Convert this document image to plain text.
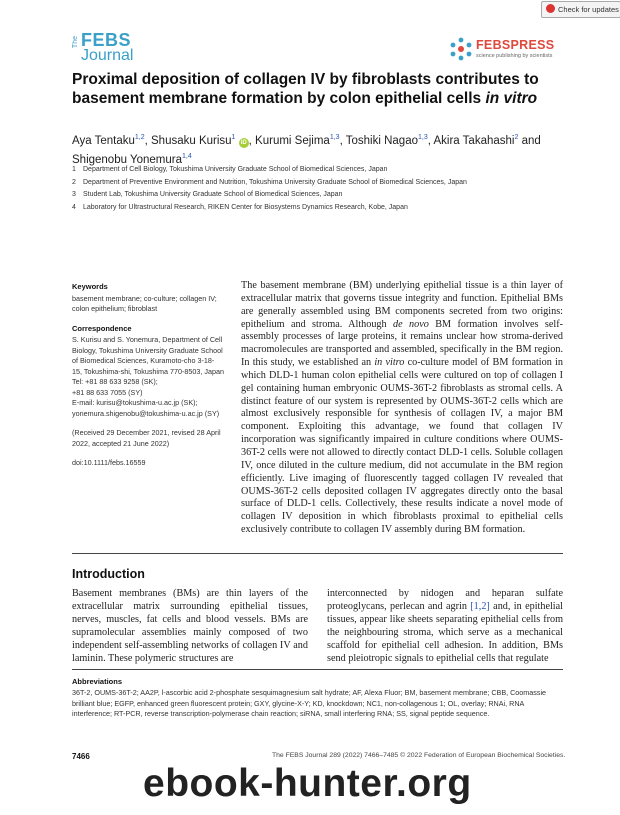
Check for updates
The FEBS
Journal
FEBSPRESS
science publishing by scientists
Proximal deposition of collagen IV by fibroblasts contributes to basement membrane formation by colon epithelial cells in vitro
Aya Tentaku$^{1,2}$, Shusaku Kurisu$^1$ iD , Kurumi Sejima$^{1,3}$, Toshiki Nagao$^{1,3}$, Akira Takahashi$^2$ and Shigenobu Yonemura$^{1,4}$
1 Department of Cell Biology, Tokushima University Graduate School of Biomedical Sciences, Japan
2 Department of Preventive Environment and Nutrition, Tokushima University Graduate School of Biomedical Sciences, Japan
3 Student Lab, Tokushima University Graduate School of Biomedical Sciences, Japan
4 Laboratory for Ultrastructural Research, RIKEN Center for Biosystems Dynamics Research, Kobe, Japan
Keywords

basement membrane; co-culture; collagen IV; colon epithelium; fibroblast

Correspondence

S. Kurisu and S. Yonemura, Department of Cell Biology, Tokushima University Graduate School of Biomedical Sciences, Kuramoto-cho 3-18-15, Tokushima-shi, Tokushima 770-8503, Japan
Tel: +81 88 633 9258 (SK);
+81 88 633 7055 (SY)
E-mail: kurisu@tokushima-u.ac.jp (SK); yonemura.shigenobu@tokushima-u.ac.jp (SY)

(Received 29 December 2021, revised 28 April 2022, accepted 21 June 2022)

doi:10.1111/febs.16559

The basement membrane (BM) underlying epithelial tissue is a thin layer of extracellular matrix that governs tissue integrity and function. Epithelial BMs are generally assembled using BM components secreted from two origins: epithelium and stroma. Although de novo BM formation involves self-assembly processes of large proteins, it remains unclear how stroma-derived macromolecules are transported and assembled, specifically in the BM region. In this study, we established an in vitro co-culture model of BM formation in which DLD-1 human colon epithelial cells were cultured on top of collagen I gel containing human embryonic OUMS-36T-2 fibroblasts as stromal cells. A distinct feature of our system is represented by OUMS-36T-2 cells which are almost exclusively responsible for synthesis of collagen IV, a major BM component. Exploiting this advantage, we found that collagen IV incorporation was significantly impaired in culture conditions where OUMS-36T-2 cells were not allowed to directly contact DLD-1 cells. Soluble collagen IV, once diluted in the culture medium, did not accumulate in the BM region efficiently. Live imaging of fluorescently tagged collagen IV revealed that OUMS-36T-2 cells deposited collagen IV aggregates directly onto the basal surface of DLD-1 cells. Collectively, these results indicate a novel mode of collagen IV deposition in which fibroblasts proximal to epithelial cells exclusively contribute to collagen IV assembly during BM formation.

Introduction

Basement membranes (BMs) are thin layers of the extracellular matrix surrounding epithelial tissues, nerves, muscles, fat cells and blood vessels. BMs are supramolecular assemblies mainly composed of two independent self-assembling networks of collagen IV and laminin. These polymeric structures are

interconnected by nidogen and heparan sulfate proteoglycans, perlecan and agrin [1,2] and, in epithelial tissues, appear like sheets separating epithelial cells from the neighbouring stroma, which serve as a mechanical scaffold for epithelial cell adhesion. In addition, BMs send pleiotropic signals to epithelial cells that regulate

Abbreviations

36T-2, OUMS-36T-2; AA2P, l-ascorbic acid 2-phosphate sesquimagnesium salt hydrate; AF, Alexa Fluor; BM, basement membrane; CBB, Coomassie brilliant blue; EGFP, enhanced green fluorescent protein; GXY, glycine-X-Y; KD, knockdown; NC1, non-collagenous 1; OL, overlay; RNAi, RNA interference; RT-PCR, reverse transcription-polymerase chain reaction; siRNA, small interfering RNA; SS, signal peptide sequence.

7466	The FEBS Journal 289 (2022) 7466–7485 © 2022 Federation of European Biochemical Societies.
ebook-hunter.org
